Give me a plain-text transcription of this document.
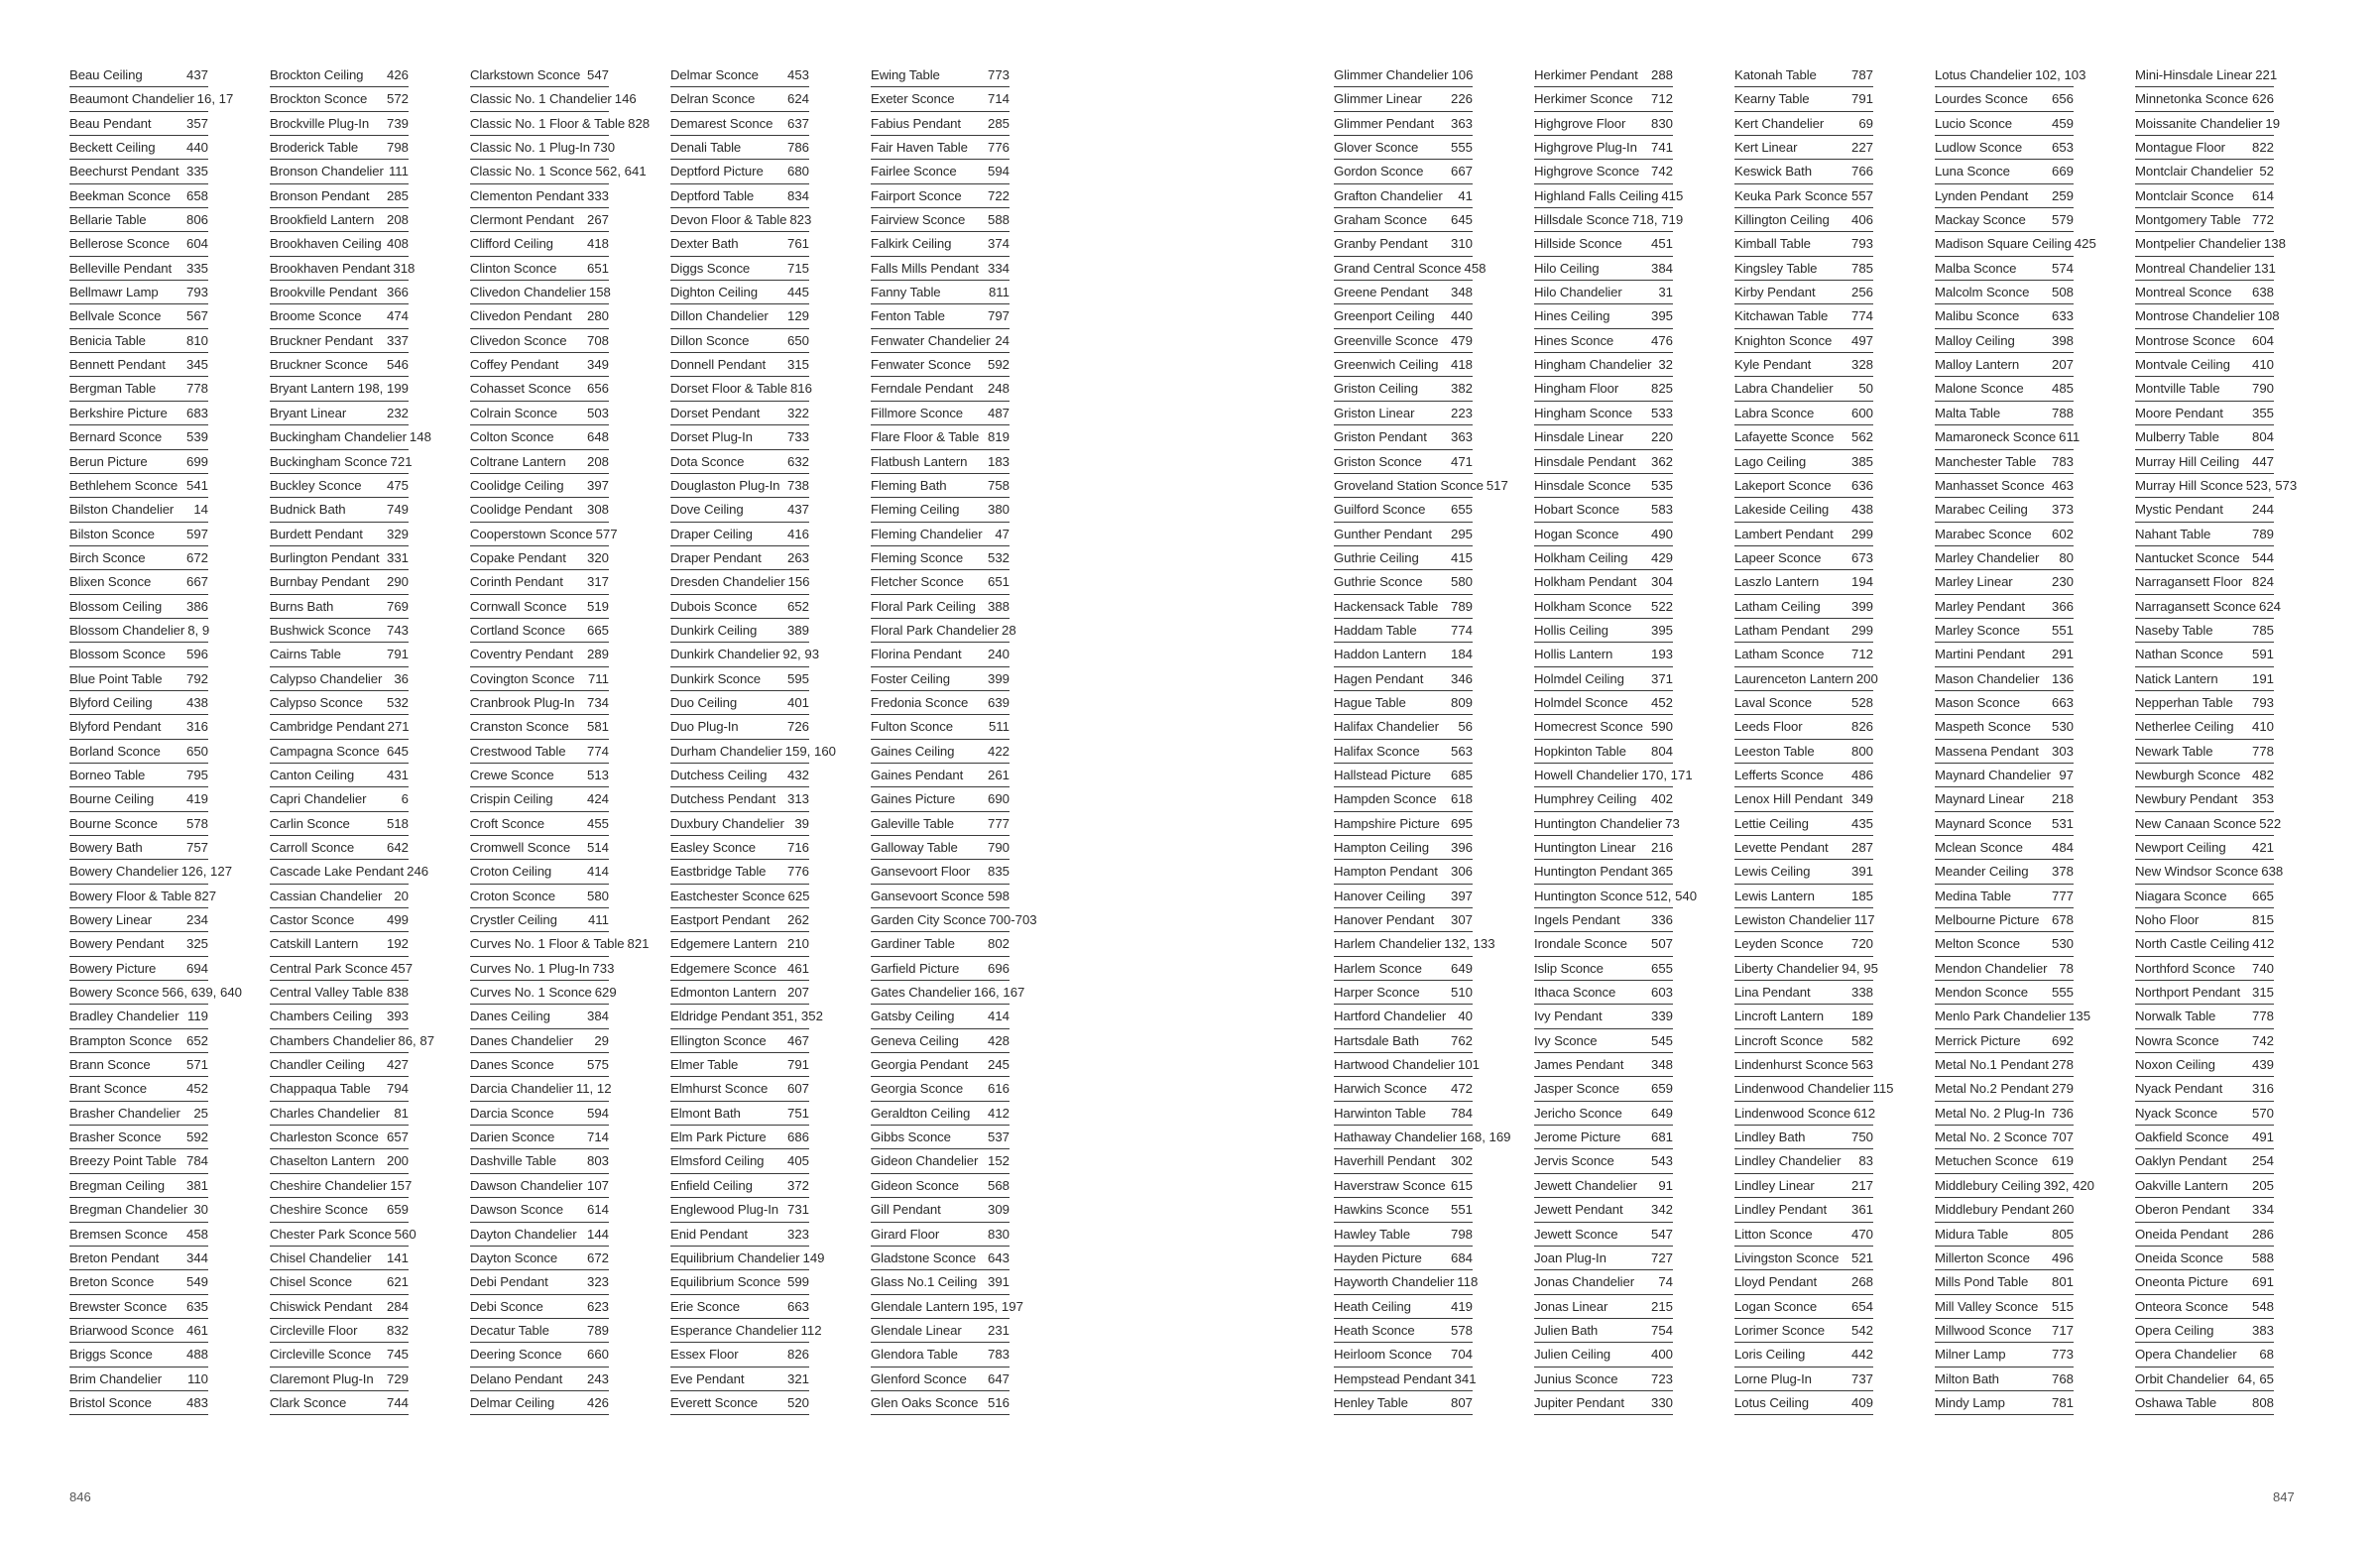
Beau Ceiling	437
Beaumont Chandelier 16, 17
Beau Pendant	357
Beckett Ceiling 440
Beechurst Pendant 335
Beekman Sconce 658
Bellarie Table	806
Bellerose Sconce 604
Belleville Pendant 335
Bellmawr Lamp 793
Bellvale Sconce 567
Benicia Table	810
Bennett Pendant 345
Bergman Table 778
Berkshire Picture 683
Bernard Sconce 539
Berun Picture	699
Bethlehem Sconce 541
Bilston Chandelier 14
Bilston Sconce 597
Birch Sconce	672
Blixen Sconce	667
Blossom Ceiling 386
Blossom Chandelier 8, 9
Blossom Sconce 596
Blue Point Table 792
Blyford Ceiling	438
Blyford Pendant 316
Borland Sconce 650
Borneo Table	795
Bourne Ceiling 419
Bourne Sconce 578
Bowery Bath	757
Bowery Chandelier 126, 127
Bowery Floor & Table 827
Bowery Linear	234
Bowery Pendant 325
Bowery Picture 694
Bowery Sconce 566, 639, 640
Bradley Chandelier 119
Brampton Sconce 652
Brann Sconce	571
Brant Sconce	452
Brasher Chandelier 25
Brasher Sconce 592
Breezy Point Table 784
Bregman Ceiling 381
Bregman Chandelier 30
Bremsen Sconce 458
Breton Pendant 344
Breton Sconce 549
Brewster Sconce 635
Briarwood Sconce 461
Briggs Sconce	488
Brim Chandelier 110
Bristol Sconce	483
Brockton Ceiling 426
Brockton Sconce 572
Brockville Plug-In 739
Broderick Table 798
Bronson Chandelier 111
Bronson Pendant 285
Brookfield Lantern 208
Brookhaven Ceiling 408
Brookhaven Pendant 318
Brookville Pendant 366
Broome Sconce 474
Bruckner Pendant 337
Bruckner Sconce 546
Bryant Lantern 198, 199
Bryant Linear	232
Buckingham Chandelier 148
Buckingham Sconce 721
Buckley Sconce 475
Budnick Bath	749
Burdett Pendant 329
Burlington Pendant 331
Burnbay Pendant 290
Burns Bath	769
Bushwick Sconce 743
Cairns Table	791
Calypso Chandelier 36
Calypso Sconce 532
Cambridge Pendant 271
Campagna Sconce 645
Canton Ceiling 431
Capri Chandelier	6
Carlin Sconce	518
Carroll Sconce 642
Cascade Lake Pendant 246
Cassian Chandelier 20
Castor Sconce 499
Catskill Lantern 192
Central Park Sconce 457
Central Valley Table 838
Chambers Ceiling 393
Chambers Chandelier 86, 87
Chandler Ceiling 427
Chappaqua Table 794
Charles Chandelier 81
Charleston Sconce 657
Chaselton Lantern 200
Cheshire Chandelier 157
Cheshire Sconce 659
Chester Park Sconce 560
Chisel Chandelier 141
Chisel Sconce	621
Chiswick Pendant 284
Circleville Floor 832
Circleville Sconce 745
Claremont Plug-In 729
Clark Sconce	744
Clarkstown Sconce 547
Classic No. 1 Chandelier 146
Classic No. 1 Floor & Table 828
Classic No. 1 Plug-In 730
Classic No. 1 Sconce 562, 641
Clementon Pendant 333
Clermont Pendant 267
Clifford Ceiling	418
Clinton Sconce 651
Clivedon Chandelier 158
Clivedon Pendant 280
Clivedon Sconce 708
Coffey Pendant 349
Cohasset Sconce 656
Colrain Sconce 503
Colton Sconce	648
Coltrane Lantern 208
Coolidge Ceiling 397
Coolidge Pendant 308
Cooperstown Sconce 577
Copake Pendant 320
Corinth Pendant 317
Cornwall Sconce 519
Cortland Sconce 665
Coventry Pendant 289
Covington Sconce 711
Cranbrook Plug-In 734
Cranston Sconce 581
Crestwood Table 774
Crewe Sconce	513
Crispin Ceiling	424
Croft Sconce	455
Cromwell Sconce 514
Croton Ceiling	414
Croton Sconce 580
Crystler Ceiling 411
Curves No. 1 Floor & Table 821
Curves No. 1 Plug-In 733
Curves No. 1 Sconce 629
Danes Ceiling	384
Danes Chandelier 29
Danes Sconce	575
Darcia Chandelier 11, 12
Darcia Sconce	594
Darien Sconce 714
Dashville Table 803
Dawson Chandelier 107
Dawson Sconce 614
Dayton Chandelier 144
Dayton Sconce 672
Debi Pendant	323
Debi Sconce	623
Decatur Table	789
Deering Sconce 660
Delano Pendant 243
Delmar Ceiling 426
Delmar Sconce 453
Delran Sconce 624
Demarest Sconce 637
Denali Table	786
Deptford Picture 680
Deptford Table	834
Devon Floor & Table 823
Dexter Bath	761
Diggs Sconce	715
Dighton Ceiling 445
Dillon Chandelier 129
Dillon Sconce	650
Donnell Pendant 315
Dorset Floor & Table 816
Dorset Pendant 322
Dorset Plug-In	733
Dota Sconce	632
Douglaston Plug-In 738
Dove Ceiling	437
Draper Ceiling	416
Draper Pendant 263
Dresden Chandelier 156
Dubois Sconce 652
Dunkirk Ceiling 389
Dunkirk Chandelier 92, 93
Dunkirk Sconce 595
Duo Ceiling	401
Duo Plug-In	726
Durham Chandelier 159, 160
Dutchess Ceiling 432
Dutchess Pendant 313
Duxbury Chandelier 39
Easley Sconce 716
Eastbridge Table 776
Eastchester Sconce 625
Eastport Pendant 262
Edgemere Lantern 210
Edgemere Sconce 461
Edmonton Lantern 207
Eldridge Pendant 351, 352
Ellington Sconce 467
Elmer Table	791
Elmhurst Sconce 607
Elmont Bath	751
Elm Park Picture 686
Elmsford Ceiling 405
Enfield Ceiling	372
Englewood Plug-In 731
Enid Pendant	323
Equilibrium Chandelier 149
Equilibrium Sconce 599
Erie Sconce	663
Esperance Chandelier 112
Essex Floor	826
Eve Pendant	321
Everett Sconce 520
Ewing Table	773
Exeter Sconce	714
Fabius Pendant 285
Fair Haven Table 776
Fairlee Sconce 594
Fairport Sconce 722
Fairview Sconce 588
Falkirk Ceiling	374
Falls Mills Pendant 334
Fanny Table	811
Fenton Table	797
Fenwater Chandelier 24
Fenwater Sconce 592
Ferndale Pendant 248
Fillmore Sconce 487
Flare Floor & Table 819
Flatbush Lantern 183
Fleming Bath	758
Fleming Ceiling 380
Fleming Chandelier 47
Fleming Sconce 532
Fletcher Sconce 651
Floral Park Ceiling 388
Floral Park Chandelier 28
Florina Pendant 240
Foster Ceiling	399
Fredonia Sconce 639
Fulton Sconce	511
Gaines Ceiling	422
Gaines Pendant 261
Gaines Picture 690
Galeville Table	777
Galloway Table 790
Gansevoort Floor 835
Gansevoort Sconce 598
Garden City Sconce 700-703
Gardiner Table	802
Garfield Picture 696
Gates Chandelier 166, 167
Gatsby Ceiling	414
Geneva Ceiling 428
Georgia Pendant 245
Georgia Sconce 616
Geraldton Ceiling 412
Gibbs Sconce	537
Gideon Chandelier 152
Gideon Sconce 568
Gill Pendant	309
Girard Floor	830
Gladstone Sconce 643
Glass No.1 Ceiling 391
Glendale Lantern 195, 197
Glendale Linear 231
Glendora Table 783
Glenford Sconce 647
Glen Oaks Sconce 516
846
Glimmer Chandelier 106
Glimmer Linear 226
Glimmer Pendant 363
Glover Sconce 555
Gordon Sconce 667
Grafton Chandelier 41
Graham Sconce 645
Granby Pendant 310
Grand Central Sconce 458
Greene Pendant 348
Greenport Ceiling 440
Greenville Sconce 479
Greenwich Ceiling 418
Griston Ceiling 382
Griston Linear	223
Griston Pendant 363
Griston Sconce 471
Groveland Station Sconce 517
Guilford Sconce 655
Gunther Pendant 295
Guthrie Ceiling 415
Guthrie Sconce 580
Hackensack Table 789
Haddam Table	774
Haddon Lantern 184
Hagen Pendant 346
Hague Table	809
Halifax Chandelier 56
Halifax Sconce 563
Hallstead Picture 685
Hampden Sconce 618
Hampshire Picture 695
Hampton Ceiling 396
Hampton Pendant 306
Hanover Ceiling 397
Hanover Pendant 307
Harlem Chandelier 132, 133
Harlem Sconce 649
Harper Sconce 510
Hartford Chandelier 40
Hartsdale Bath 762
Hartwood Chandelier 101
Harwich Sconce 472
Harwinton Table 784
Hathaway Chandelier 168, 169
Haverhill Pendant 302
Haverstraw Sconce 615
Hawkins Sconce 551
Hawley Table	798
Hayden Picture 684
Hayworth Chandelier 118
Heath Ceiling	419
Heath Sconce	578
Heirloom Sconce 704
Hempstead Pendant 341
Henley Table	807
Herkimer Pendant 288
Herkimer Sconce 712
Highgrove Floor 830
Highgrove Plug-In 741
Highgrove Sconce 742
Highland Falls Ceiling 415
Hillsdale Sconce 718, 719
Hillside Sconce 451
Hilo Ceiling	384
Hilo Chandelier	31
Hines Ceiling	395
Hines Sconce	476
Hingham Chandelier 32
Hingham Floor 825
Hingham Sconce 533
Hinsdale Linear 220
Hinsdale Pendant 362
Hinsdale Sconce 535
Hobart Sconce 583
Hogan Sconce 490
Holkham Ceiling 429
Holkham Pendant 304
Holkham Sconce 522
Hollis Ceiling	395
Hollis Lantern	193
Holmdel Ceiling 371
Holmdel Sconce 452
Homecrest Sconce 590
Hopkinton Table 804
Howell Chandelier 170, 171
Humphrey Ceiling 402
Huntington Chandelier 73
Huntington Linear 216
Huntington Pendant 365
Huntington Sconce 512, 540
Ingels Pendant 336
Irondale Sconce 507
Islip Sconce	655
Ithaca Sconce	603
Ivy Pendant	339
Ivy Sconce	545
James Pendant 348
Jasper Sconce 659
Jericho Sconce 649
Jerome Picture 681
Jervis Sconce	543
Jewett Chandelier 91
Jewett Pendant 342
Jewett Sconce	547
Joan Plug-In	727
Jonas Chandelier 74
Jonas Linear	215
Julien Bath	754
Julien Ceiling	400
Junius Sconce	723
Jupiter Pendant 330
Katonah Table	787
Kearny Table	791
Kert Chandelier	69
Kert Linear	227
Keswick Bath	766
Keuka Park Sconce 557
Killington Ceiling 406
Kimball Table	793
Kingsley Table	785
Kirby Pendant	256
Kitchawan Table 774
Knighton Sconce 497
Kyle Pendant	328
Labra Chandelier 50
Labra Sconce	600
Lafayette Sconce 562
Lago Ceiling	385
Lakeport Sconce 636
Lakeside Ceiling 438
Lambert Pendant 299
Lapeer Sconce 673
Laszlo Lantern 194
Latham Ceiling 399
Latham Pendant 299
Latham Sconce 712
Laurenceton Lantern 200
Laval Sconce	528
Leeds Floor	826
Leeston Table	800
Lefferts Sconce 486
Lenox Hill Pendant 349
Lettie Ceiling	435
Levette Pendant 287
Lewis Ceiling	391
Lewis Lantern	185
Lewiston Chandelier 117
Leyden Sconce 720
Liberty Chandelier 94, 95
Lina Pendant	338
Lincroft Lantern 189
Lincroft Sconce 582
Lindenhurst Sconce 563
Lindenwood Chandelier 115
Lindenwood Sconce 612
Lindley Bath	750
Lindley Chandelier 83
Lindley Linear	217
Lindley Pendant 361
Litton Sconce	470
Livingston Sconce 521
Lloyd Pendant	268
Logan Sconce	654
Lorimer Sconce 542
Loris Ceiling	442
Lorne Plug-In	737
Lotus Ceiling	409
Lotus Chandelier 102, 103
Lourdes Sconce 656
Lucio Sconce	459
Ludlow Sconce 653
Luna Sconce	669
Lynden Pendant 259
Mackay Sconce 579
Madison Square Ceiling 425
Malba Sconce	574
Malcolm Sconce 508
Malibu Sconce 633
Malloy Ceiling	398
Malloy Lantern 207
Malone Sconce 485
Malta Table	788
Mamaroneck Sconce 611
Manchester Table 783
Manhasset Sconce 463
Marabec Ceiling 373
Marabec Sconce 602
Marley Chandelier 80
Marley Linear	230
Marley Pendant 366
Marley Sconce 551
Martini Pendant 291
Mason Chandelier 136
Mason Sconce 663
Maspeth Sconce 530
Massena Pendant 303
Maynard Chandelier 97
Maynard Linear 218
Maynard Sconce 531
Mclean Sconce 484
Meander Ceiling 378
Medina Table	777
Melbourne Picture 678
Melton Sconce 530
Mendon Chandelier 78
Mendon Sconce 555
Menlo Park Chandelier 135
Merrick Picture 692
Metal No.1 Pendant 278
Metal No.2 Pendant 279
Metal No. 2 Plug-In 736
Metal No. 2 Sconce 707
Metuchen Sconce 619
Middlebury Ceiling 392, 420
Middlebury Pendant 260
Midura Table	805
Millerton Sconce 496
Mills Pond Table 801
Mill Valley Sconce 515
Millwood Sconce 717
Milner Lamp	773
Milton Bath	768
Mindy Lamp	781
Mini-Hinsdale Linear 221
Minnetonka Sconce 626
Moissanite Chandelier 19
Montague Floor 822
Montclair Chandelier 52
Montclair Sconce 614
Montgomery Table 772
Montpelier Chandelier 138
Montreal Chandelier 131
Montreal Sconce 638
Montrose Chandelier 108
Montrose Sconce 604
Montvale Ceiling 410
Montville Table 790
Moore Pendant 355
Mulberry Table	804
Murray Hill Ceiling 447
Murray Hill Sconce 523, 573
Mystic Pendant 244
Nahant Table	789
Nantucket Sconce 544
Narragansett Floor 824
Narragansett Sconce 624
Naseby Table	785
Nathan Sconce 591
Natick Lantern	191
Nepperhan Table 793
Netherlee Ceiling 410
Newark Table	778
Newburgh Sconce 482
Newbury Pendant 353
New Canaan Sconce 522
Newport Ceiling 421
New Windsor Sconce 638
Niagara Sconce 665
Noho Floor	815
North Castle Ceiling 412
Northford Sconce 740
Northport Pendant 315
Norwalk Table	778
Nowra Sconce	742
Noxon Ceiling	439
Nyack Pendant 316
Nyack Sconce	570
Oakfield Sconce 491
Oaklyn Pendant 254
Oakville Lantern 205
Oberon Pendant 334
Oneida Pendant 286
Oneida Sconce 588
Oneonta Picture 691
Onteora Sconce 548
Opera Ceiling	383
Opera Chandelier 68
Orbit Chandelier 64, 65
Oshawa Table	808
847
